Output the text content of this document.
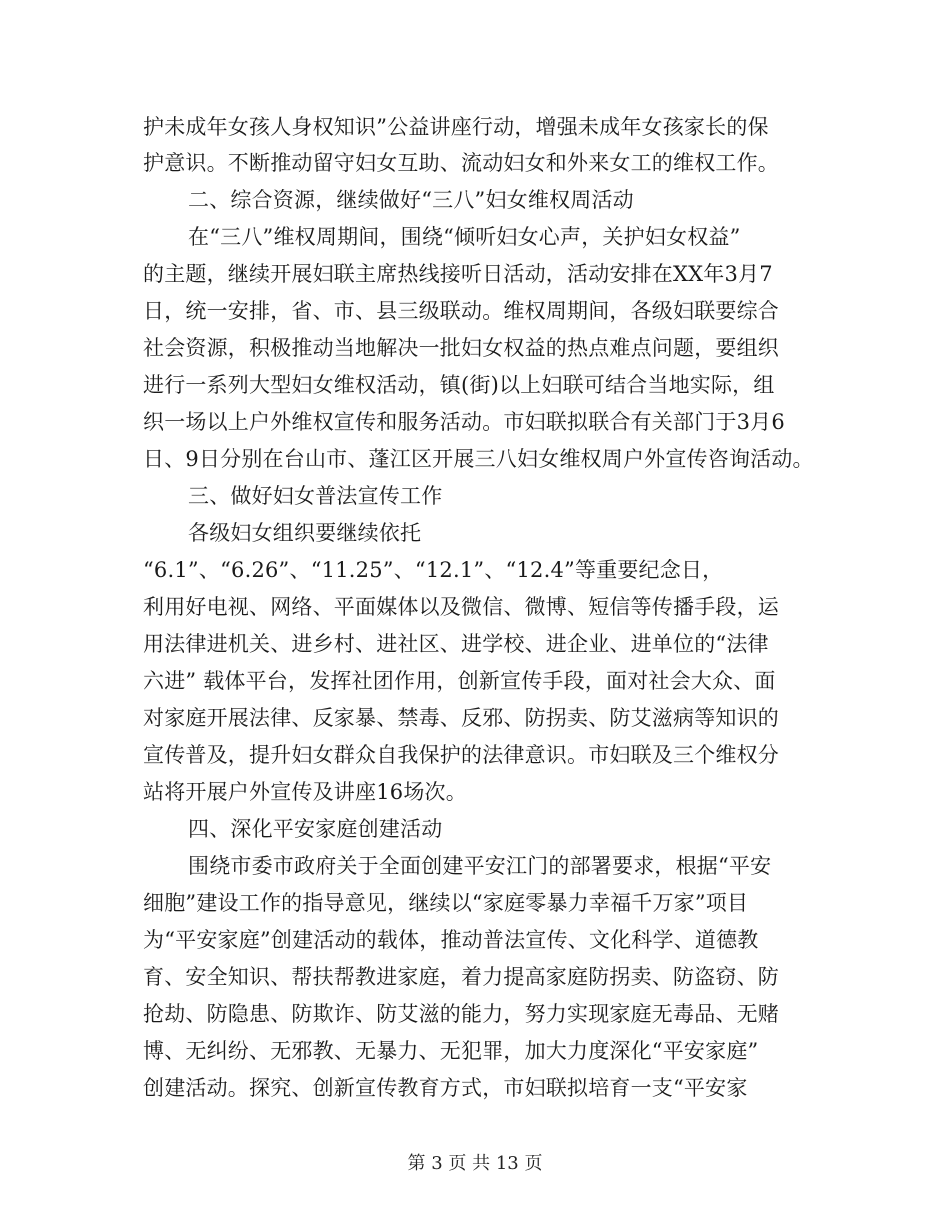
护未成年女孩人身权知识”公益讲座行动，增强未成年女孩家长的保
护意识。不断推动留守妇女互助、流动妇女和外来女工的维权工作。
二、综合资源，继续做好“三八”妇女维权周活动
在“三八”维权周期间，围绕“倾听妇女心声，关护妇女权益”
的主题，继续开展妇联主席热线接听日活动，活动安排在XX年3月7
日，统一安排，省、市、县三级联动。维权周期间，各级妇联要综合
社会资源，积极推动当地解决一批妇女权益的热点难点问题，要组织
进行一系列大型妇女维权活动，镇(街)以上妇联可结合当地实际，组
织一场以上户外维权宣传和服务活动。市妇联拟联合有关部门于3月6
日、9日分别在台山市、蓬江区开展三八妇女维权周户外宣传咨询活动。
三、做好妇女普法宣传工作
各级妇女组织要继续依托
“6.1”、“6.26”、“11.25”、“12.1”、“12.4”等重要纪念日，
利用好电视、网络、平面媒体以及微信、微博、短信等传播手段，运
用法律进机关、进乡村、进社区、进学校、进企业、进单位的“法律
六进” 载体平台，发挥社团作用，创新宣传手段，面对社会大众、面
对家庭开展法律、反家暴、禁毒、反邪、防拐卖、防艾滋病等知识的
宣传普及，提升妇女群众自我保护的法律意识。市妇联及三个维权分
站将开展户外宣传及讲座16场次。
四、深化平安家庭创建活动
围绕市委市政府关于全面创建平安江门的部署要求，根据“平安
细胞”建设工作的指导意见，继续以“家庭零暴力幸福千万家”项目
为“平安家庭”创建活动的载体，推动普法宣传、文化科学、道德教
育、安全知识、帮扶帮教进家庭，着力提高家庭防拐卖、防盗窃、防
抢劫、防隐患、防欺诈、防艾滋的能力，努力实现家庭无毒品、无赌
博、无纠纷、无邪教、无暴力、无犯罪，加大力度深化“平安家庭”
创建活动。探究、创新宣传教育方式，市妇联拟培育一支“平安家
第 3 页 共 13 页
